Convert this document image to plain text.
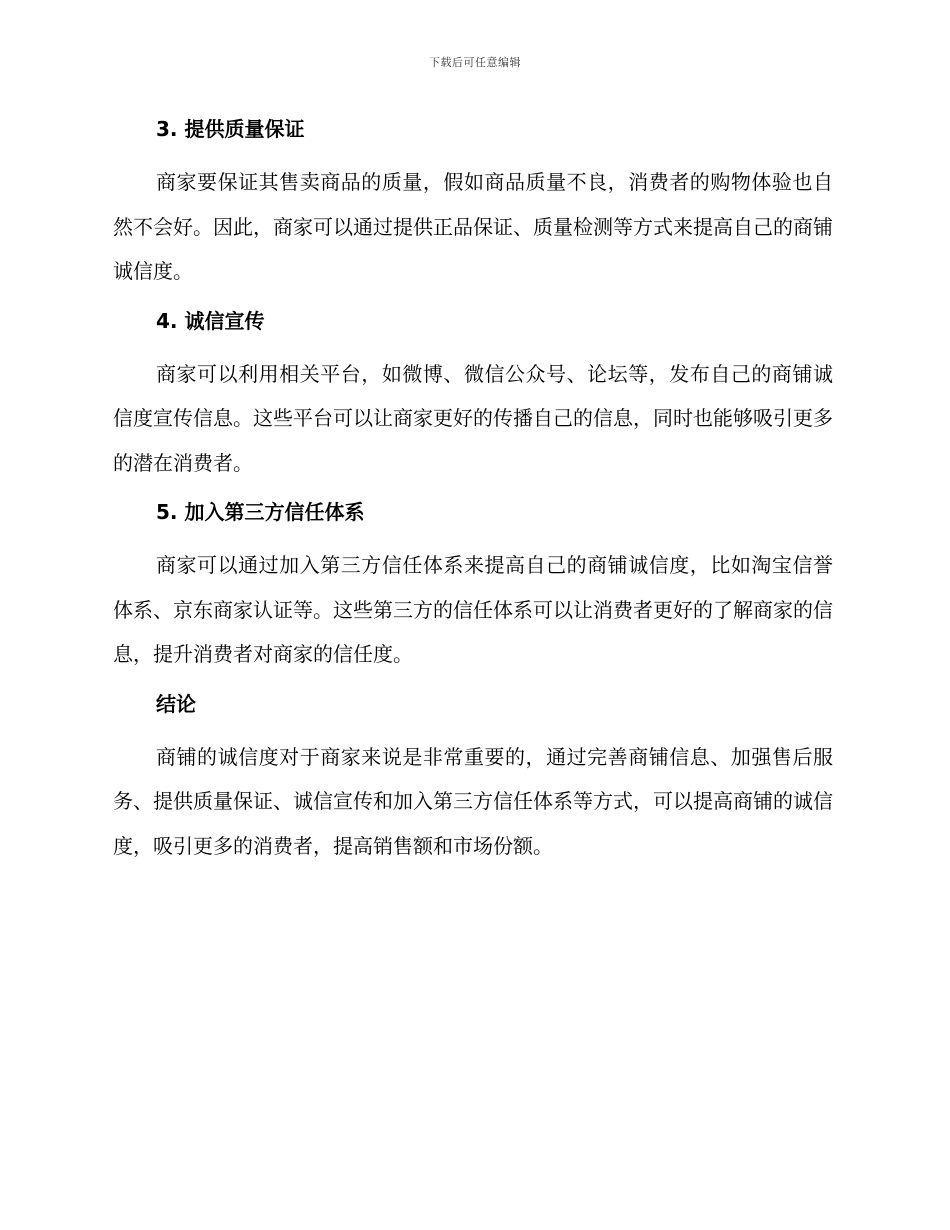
下载后可任意编辑
3. 提供质量保证

商家要保证其售卖商品的质量，假如商品质量不良，消费者的购物体验也自然不会好。因此，商家可以通过提供正品保证、质量检测等方式来提高自己的商铺诚信度。

4. 诚信宣传

商家可以利用相关平台，如微博、微信公众号、论坛等，发布自己的商铺诚信度宣传信息。这些平台可以让商家更好的传播自己的信息，同时也能够吸引更多的潜在消费者。

5. 加入第三方信任体系

商家可以通过加入第三方信任体系来提高自己的商铺诚信度，比如淘宝信誉体系、京东商家认证等。这些第三方的信任体系可以让消费者更好的了解商家的信息，提升消费者对商家的信任度。

结论

商铺的诚信度对于商家来说是非常重要的，通过完善商铺信息、加强售后服务、提供质量保证、诚信宣传和加入第三方信任体系等方式，可以提高商铺的诚信度，吸引更多的消费者，提高销售额和市场份额。
